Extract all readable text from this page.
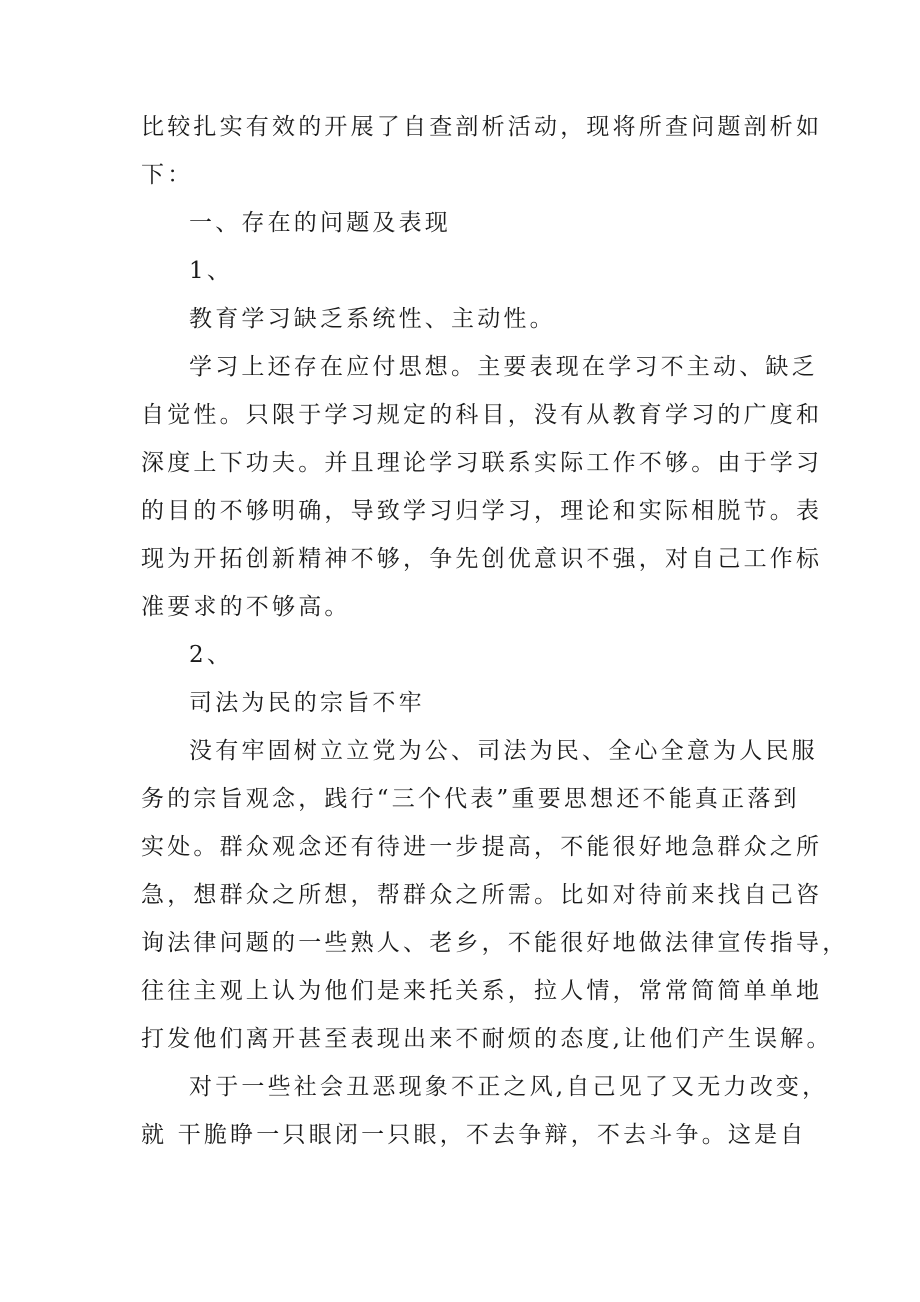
比较扎实有效的开展了自查剖析活动，现将所查问题剖析如
下：
一、存在的问题及表现
1、
教育学习缺乏系统性、主动性。
学习上还存在应付思想。主要表现在学习不主动、缺乏
自觉性。只限于学习规定的科目，没有从教育学习的广度和
深度上下功夫。并且理论学习联系实际工作不够。由于学习
的目的不够明确，导致学习归学习，理论和实际相脱节。表
现为开拓创新精神不够，争先创优意识不强，对自己工作标
准要求的不够高。
2、
司法为民的宗旨不牢
没有牢固树立立党为公、司法为民、全心全意为人民服
务的宗旨观念，践行“三个代表”重要思想还不能真正落到
实处。群众观念还有待进一步提高，不能很好地急群众之所
急，想群众之所想，帮群众之所需。比如对待前来找自己咨
询法律问题的一些熟人、老乡，不能很好地做法律宣传指导，
往往主观上认为他们是来托关系，拉人情，常常简简单单地
打发他们离开甚至表现出来不耐烦的态度,让他们产生误解。
对于一些社会丑恶现象不正之风,自己见了又无力改变，
就 干脆睁一只眼闭一只眼，不去争辩，不去斗争。这是自
